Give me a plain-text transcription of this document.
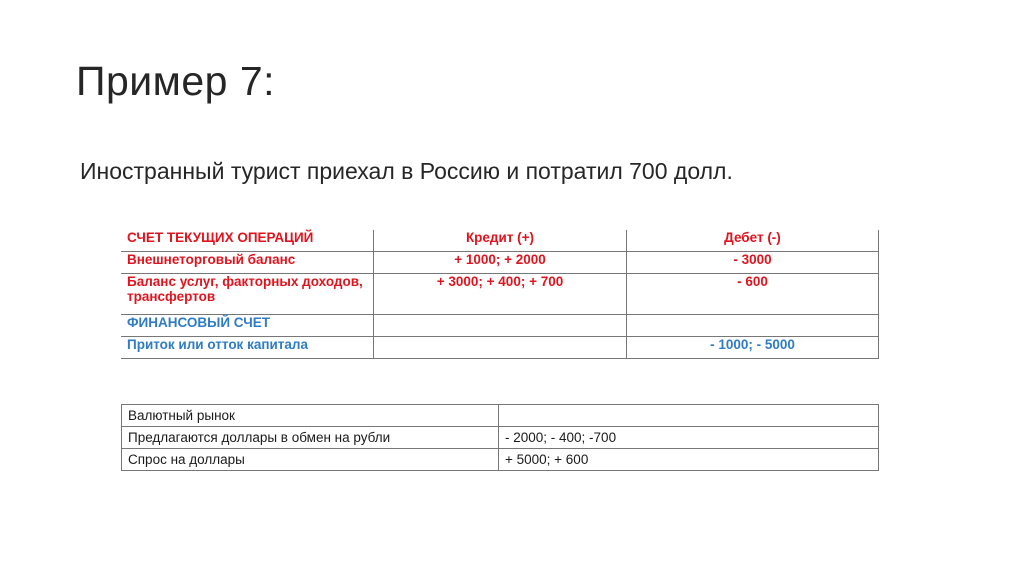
Пример 7:
Иностранный турист приехал в Россию и потратил 700 долл.
СЧЕТ ТЕКУЩИХ ОПЕРАЦИЙ	Кредит (+)	Дебет (-)
Внешнеторговый баланс	+ 1000; + 2000	- 3000
Баланс услуг, факторных доходов, трансфертов	+ 3000; + 400; + 700	- 600
ФИНАНСОВЫЙ СЧЕТ		
Приток или отток капитала		- 1000; - 5000
Валютный рынок	
Предлагаются доллары в обмен на рубли	- 2000; - 400; -700
Спрос на доллары	+ 5000; + 600
